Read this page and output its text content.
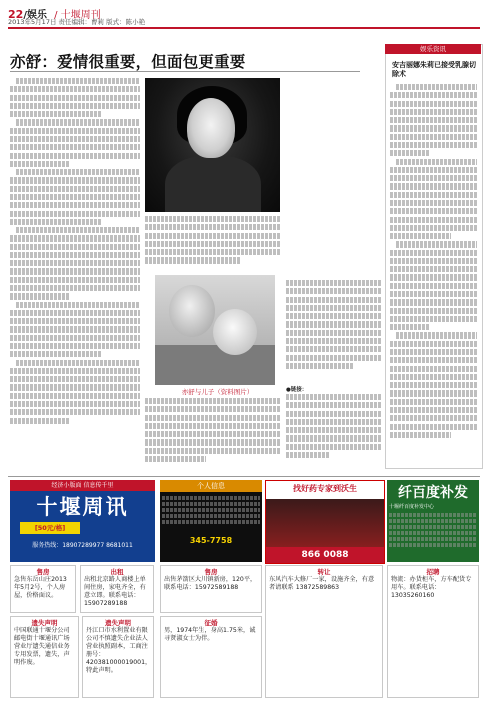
22/娱乐 / 十堰周刊
2013年5月17日 责任编辑：曹莉 版式：陈小艳
亦舒：爱情很重要，但面包更重要
亦舒与儿子（资料图片）	●链接：
娱乐资讯
安吉丽娜朱莉已接受乳腺切除术
经济小版面 信息传千里
十堰周讯
[50元/格]
服务热线：18907289977 8681011
个人信息
345-7758
找好药专家到沃生
866 0088
纤百度补发
十堰纤百度补发中心
售房
急售东岳山庄2013年5月2号，个人房屋，价格面议。
出租
出租北京路人商楼上单间住房，家电齐全，有意立即。联系电话：15907289188
遗失声明
中国联通十堰分公司邮电街十堰通讯广场营业厅遗失通信业务专用发票，遗失，声明作废。
遗失声明
丹江口市水利置业有限公司不慎遗失企业法人营业执照副本，工商注册号：420381000019001，特此声明。
售房
出售茅箭区大川镇新房，120平，联系电话：15972589188
征婚
男，1974年生，身高1.75米，诚寻贤淑女士为伴。
转让
东风汽车大修厂一家，设施齐全，有意者请联系 13872589863
招聘
物流：办货柜车，方车配货专用车。联系电话：13035260160
